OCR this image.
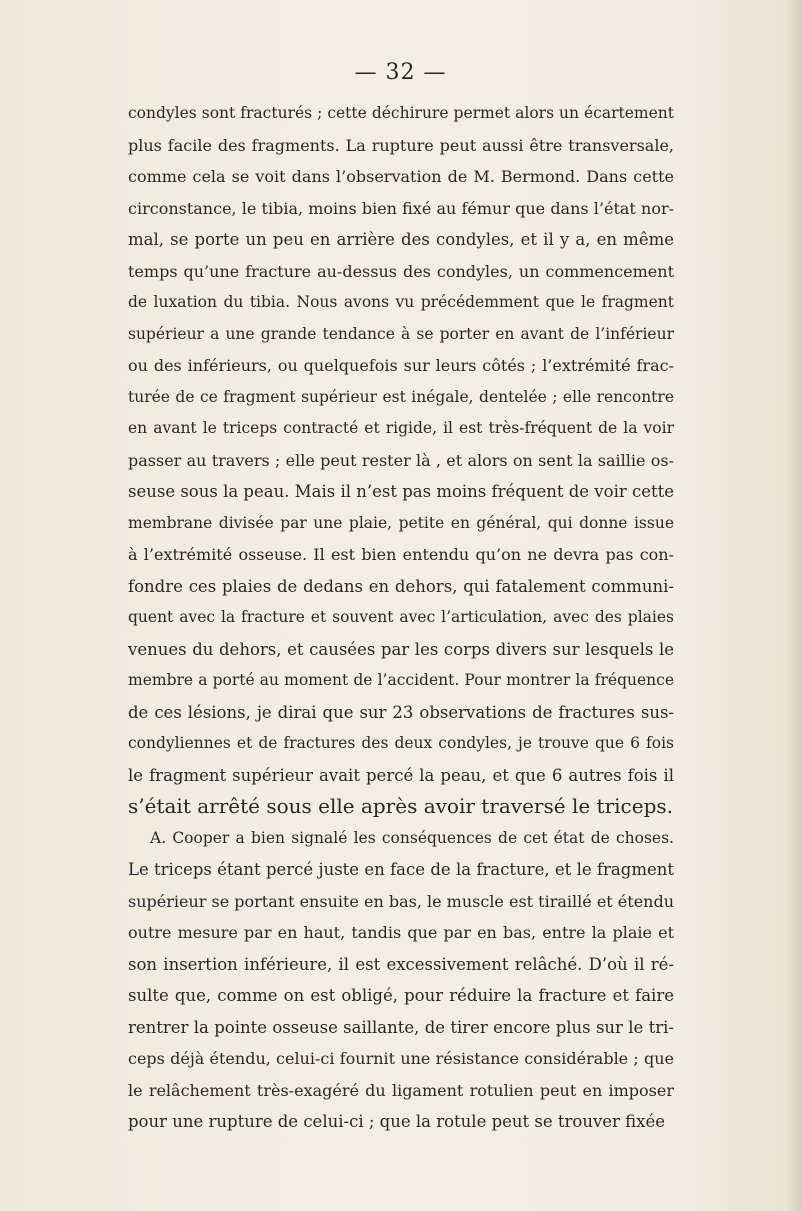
— 32 —
condyles sont fracturés ; cette déchirure permet alors un écartement
plus facile des fragments. La rupture peut aussi être transversale,
comme cela se voit dans l’observation de M. Bermond. Dans cette
circonstance, le tibia, moins bien fixé au fémur que dans l’état nor-
mal, se porte un peu en arrière des condyles, et il y a, en même
temps qu’une fracture au-dessus des condyles, un commencement
de luxation du tibia. Nous avons vu précédemment que le fragment
supérieur a une grande tendance à se porter en avant de l’inférieur
ou des inférieurs, ou quelquefois sur leurs côtés ; l’extrémité frac-
turée de ce fragment supérieur est inégale, dentelée ; elle rencontre
en avant le triceps contracté et rigide, il est très-fréquent de la voir
passer au travers ; elle peut rester là , et alors on sent la saillie os-
seuse sous la peau. Mais il n’est pas moins fréquent de voir cette
membrane divisée par une plaie, petite en général, qui donne issue
à l’extrémité osseuse. Il est bien entendu qu’on ne devra pas con-
fondre ces plaies de dedans en dehors, qui fatalement communi-
quent avec la fracture et souvent avec l’articulation, avec des plaies
venues du dehors, et causées par les corps divers sur lesquels le
membre a porté au moment de l’accident. Pour montrer la fréquence
de ces lésions, je dirai que sur 23 observations de fractures sus-
condyliennes et de fractures des deux condyles, je trouve que 6 fois
le fragment supérieur avait percé la peau, et que 6 autres fois il
s’était arrêté sous elle après avoir traversé le triceps.
A. Cooper a bien signalé les conséquences de cet état de choses.
Le triceps étant percé juste en face de la fracture, et le fragment
supérieur se portant ensuite en bas, le muscle est tiraillé et étendu
outre mesure par en haut, tandis que par en bas, entre la plaie et
son insertion inférieure, il est excessivement relâché. D’où il ré-
sulte que, comme on est obligé, pour réduire la fracture et faire
rentrer la pointe osseuse saillante, de tirer encore plus sur le tri-
ceps déjà étendu, celui-ci fournit une résistance considérable ; que
le relâchement très-exagéré du ligament rotulien peut en imposer
pour une rupture de celui-ci ; que la rotule peut se trouver fixée
